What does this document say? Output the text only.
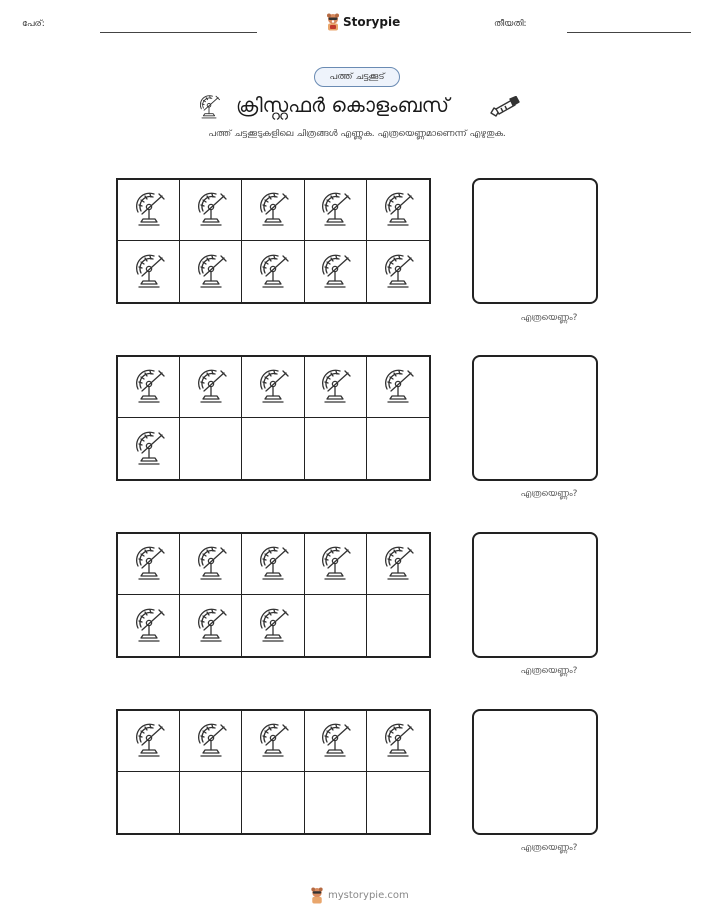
പേര്:	Storypie	തീയതി:
പത്ത് ചട്ടക്കൂട്
ക്രിസ്റ്റഫർ കൊളംബസ്
പത്ത് ചട്ടക്കൂടുകളിലെ ചിത്രങ്ങൾ എണ്ണുക. എത്രയെണ്ണമാണെന്ന് എഴുതുക.
എത്രയെണ്ണം?
എത്രയെണ്ണം?
എത്രയെണ്ണം?
എത്രയെണ്ണം?
mystorypie.com
